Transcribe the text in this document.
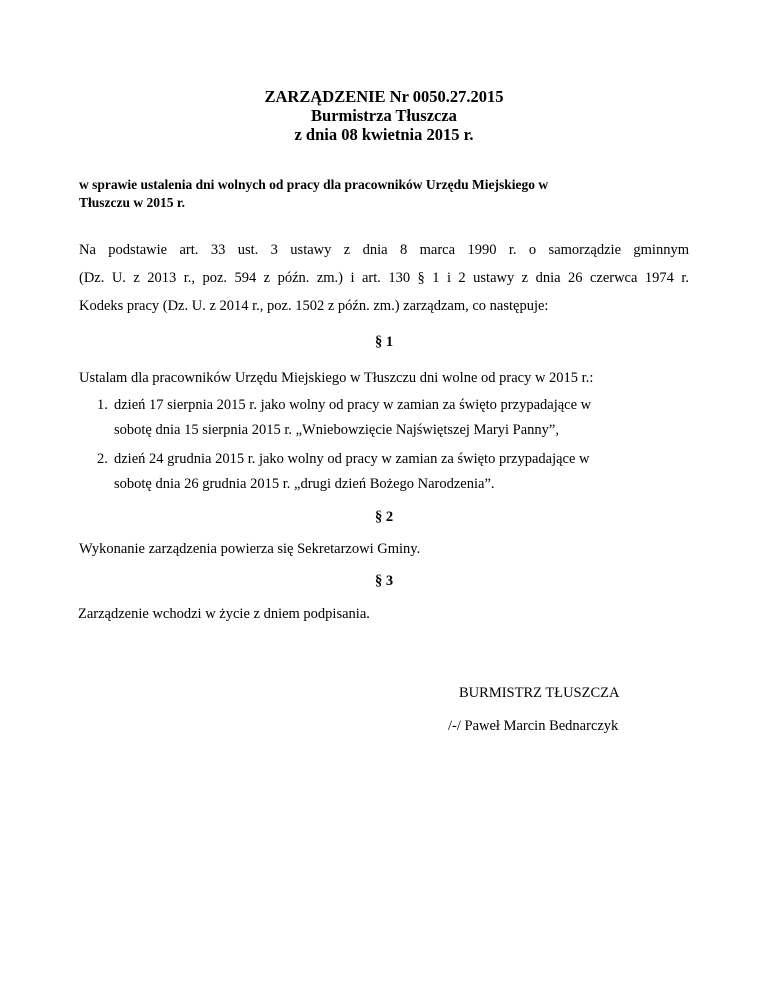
ZARZĄDZENIE Nr 0050.27.2015
Burmistrza Tłuszcza
z dnia 08 kwietnia 2015 r.
w sprawie ustalenia dni wolnych od pracy dla pracowników Urzędu Miejskiego w
Tłuszczu w 2015 r.
Na podstawie art. 33 ust. 3 ustawy z dnia 8 marca 1990 r. o samorządzie gminnym
(Dz. U. z 2013 r., poz. 594 z późn. zm.) i art. 130 § 1 i 2 ustawy z dnia 26 czerwca 1974 r.
Kodeks pracy (Dz. U. z 2014 r., poz. 1502 z późn. zm.) zarządzam, co następuje:
§ 1
Ustalam dla pracowników Urzędu Miejskiego w Tłuszczu dni wolne od pracy w 2015 r.:
1. dzień 17 sierpnia 2015 r. jako wolny od pracy w zamian za święto przypadające w
sobotę dnia 15 sierpnia 2015 r. „Wniebowzięcie Najświętszej Maryi Panny”,
2. dzień 24 grudnia 2015 r. jako wolny od pracy w zamian za święto przypadające w
sobotę dnia 26 grudnia 2015 r. „drugi dzień Bożego Narodzenia”.
§ 2
Wykonanie zarządzenia powierza się Sekretarzowi Gminy.
§ 3
Zarządzenie wchodzi w życie z dniem podpisania.
BURMISTRZ TŁUSZCZA
/-/ Paweł Marcin Bednarczyk
